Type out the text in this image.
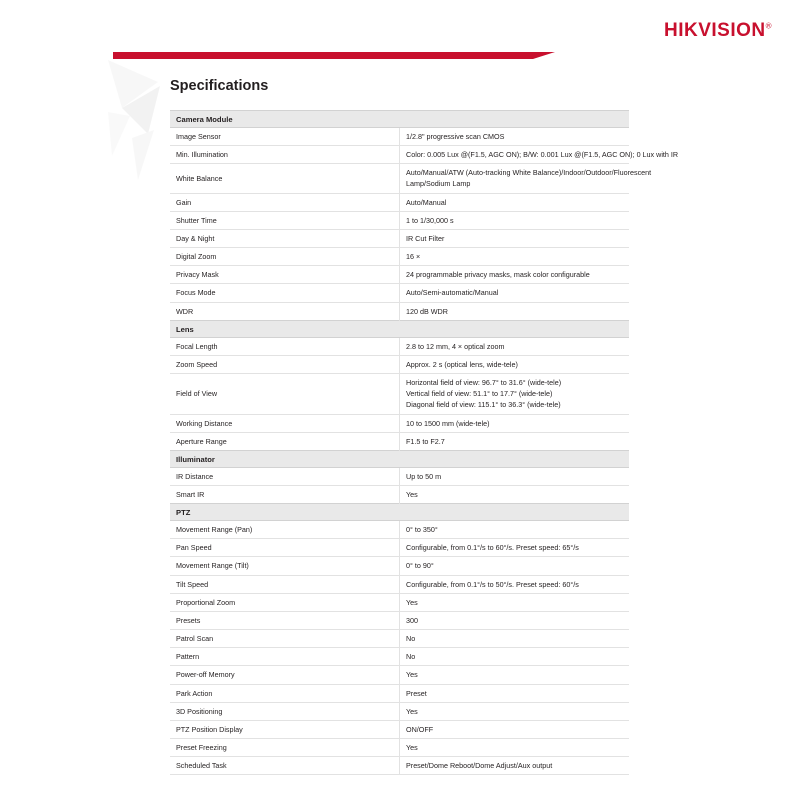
HIKVISION®
Specifications
Camera Module	
Image Sensor	1/2.8" progressive scan CMOS

Min. Illumination	Color: 0.005 Lux @(F1.5, AGC ON); B/W: 0.001 Lux @(F1.5, AGC ON); 0 Lux with IR

White Balance	Auto/Manual/ATW (Auto-tracking White Balance)/Indoor/Outdoor/Fluorescent
Lamp/Sodium Lamp

Gain	Auto/Manual

Shutter Time	1 to 1/30,000 s

Day & Night	IR Cut Filter

Digital Zoom	16 ×

Privacy Mask	24 programmable privacy masks, mask color configurable

Focus Mode	Auto/Semi-automatic/Manual

WDR	120 dB WDR

Lens	
Focal Length	2.8 to 12 mm, 4 × optical zoom

Zoom Speed	Approx. 2 s (optical lens, wide-tele)

Field of View	Horizontal field of view: 96.7° to 31.6° (wide-tele)
Vertical field of view: 51.1° to 17.7° (wide-tele)
Diagonal field of view: 115.1° to 36.3° (wide-tele)

Working Distance	10 to 1500 mm (wide-tele)

Aperture Range	F1.5 to F2.7

Illuminator	
IR Distance	Up to 50 m

Smart IR	Yes

PTZ	
Movement Range (Pan)	0° to 350°

Pan Speed	Configurable, from 0.1°/s to 60°/s. Preset speed: 65°/s

Movement Range (Tilt)	0° to 90°

Tilt Speed	Configurable, from 0.1°/s to 50°/s. Preset speed: 60°/s

Proportional Zoom	Yes

Presets	300

Patrol Scan	No

Pattern	No

Power-off Memory	Yes

Park Action	Preset

3D Positioning	Yes

PTZ Position Display	ON/OFF

Preset Freezing	Yes

Scheduled Task	Preset/Dome Reboot/Dome Adjust/Aux output
